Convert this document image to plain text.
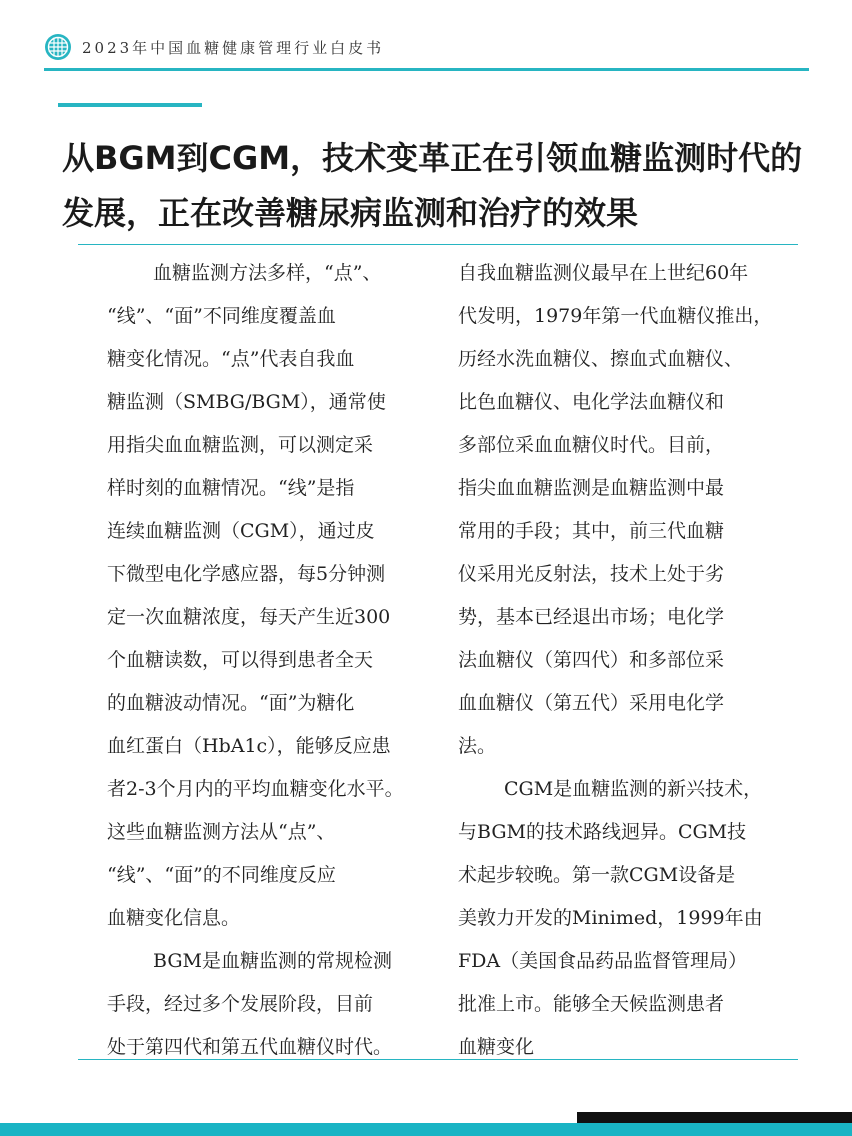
2023年中国血糖健康管理行业白皮书
从BGM到CGM，技术变革正在引领血糖监测时代的
发展，正在改善糖尿病监测和治疗的效果
血糖监测方法多样，“点”、
“线”、“面”不同维度覆盖血
糖变化情况。“点”代表自我血
糖监测（SMBG/BGM），通常使
用指尖血血糖监测，可以测定采
样时刻的血糖情况。“线”是指
连续血糖监测（CGM），通过皮
下微型电化学感应器，每5分钟测
定一次血糖浓度，每天产生近300
个血糖读数，可以得到患者全天
的血糖波动情况。“面”为糖化
血红蛋白（HbA1c），能够反应患
者2-3个月内的平均血糖变化水平。
这些血糖监测方法从“点”、
“线”、“面”的不同维度反应
血糖变化信息。
BGM是血糖监测的常规检测
手段，经过多个发展阶段，目前
处于第四代和第五代血糖仪时代。
自我血糖监测仪最早在上世纪60年
代发明，1979年第一代血糖仪推出，
历经水洗血糖仪、擦血式血糖仪、
比色血糖仪、电化学法血糖仪和
多部位采血血糖仪时代。目前，
指尖血血糖监测是血糖监测中最
常用的手段；其中，前三代血糖
仪采用光反射法，技术上处于劣
势，基本已经退出市场；电化学
法血糖仪（第四代）和多部位采
血血糖仪（第五代）采用电化学
法。
CGM是血糖监测的新兴技术，
与BGM的技术路线迥异。CGM技
术起步较晚。第一款CGM设备是
美敦力开发的Minimed，1999年由
FDA（美国食品药品监督管理局）
批准上市。能够全天候监测患者
血糖变化
